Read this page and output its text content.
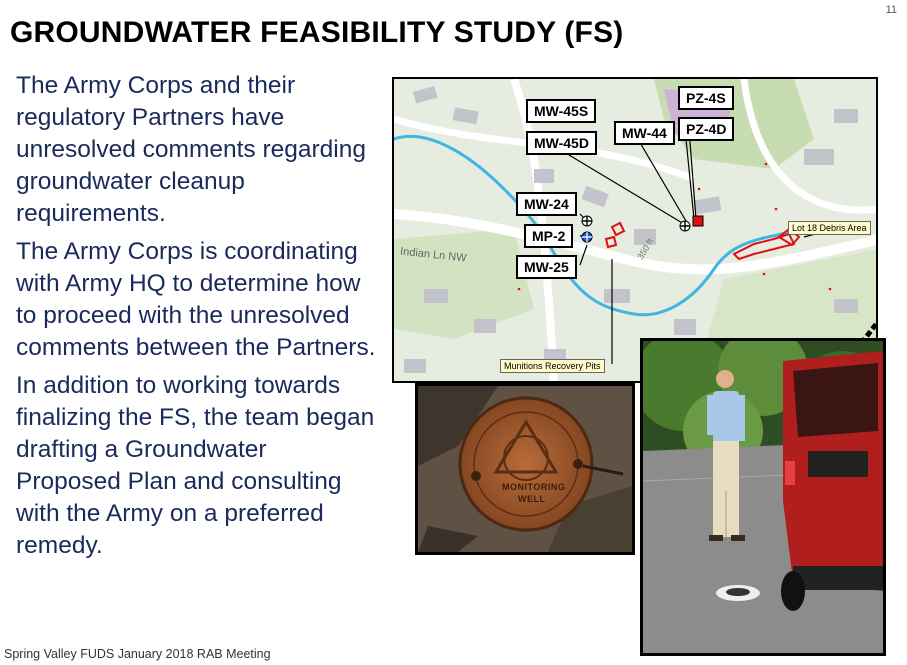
11
GROUNDWATER FEASIBILITY STUDY (FS)

The Army Corps and their regulatory Partners have unresolved comments regarding groundwater cleanup requirements.

The Army Corps is coordinating with Army HQ to determine how to proceed with the unresolved comments between the Partners.

In addition to working towards finalizing the FS, the team began drafting a Groundwater Proposed Plan and consulting with the Army on a preferred remedy.

Indian Ln NW	350 ft
MW-45S
MW-45D
MW-44
PZ-4S
PZ-4D
MW-24
MP-2
MW-25
Lot 18 Debris Area
Munitions Recovery Pits
MONITORING
WELL
Spring Valley FUDS January 2018 RAB Meeting
